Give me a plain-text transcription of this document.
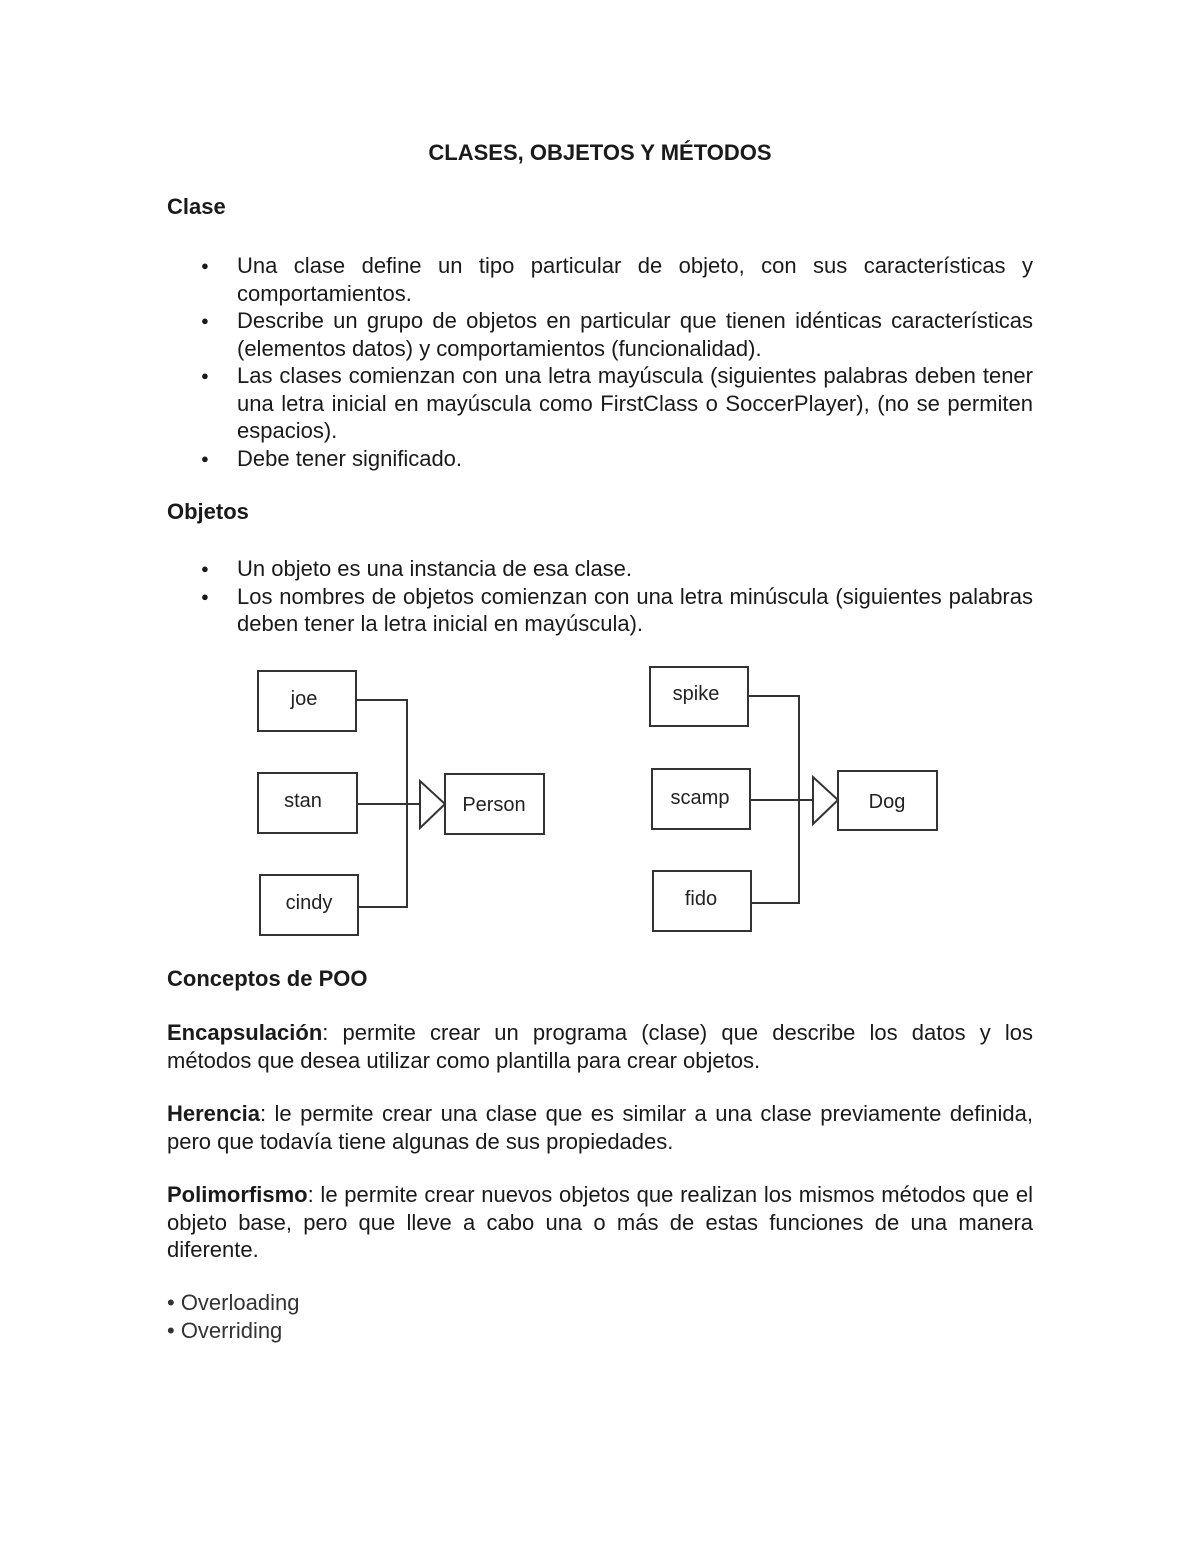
CLASES, OBJETOS Y MÉTODOS
Clase
● Una clase define un tipo particular de objeto, con sus características y comportamientos.
● Describe un grupo de objetos en particular que tienen idénticas características (elementos datos) y comportamientos (funcionalidad).
● Las clases comienzan con una letra mayúscula (siguientes palabras deben tener una letra inicial en mayúscula como FirstClass o SoccerPlayer), (no se permiten espacios).
● Debe tener significado.
Objetos
● Un objeto es una instancia de esa clase.
● Los nombres de objetos comienzan con una letra minúscula (siguientes palabras deben tener la letra inicial en mayúscula).
Conceptos de POO

Encapsulación: permite crear un programa (clase) que describe los datos y los métodos que desea utilizar como plantilla para crear objetos.

Herencia: le permite crear una clase que es similar a una clase previamente definida, pero que todavía tiene algunas de sus propiedades.

Polimorfismo: le permite crear nuevos objetos que realizan los mismos métodos que el objeto base, pero que lleve a cabo una o más de estas funciones de una manera diferente.

• Overloading
• Overriding
joe
stan
cindy
Person
spike
scamp
fido
Dog
